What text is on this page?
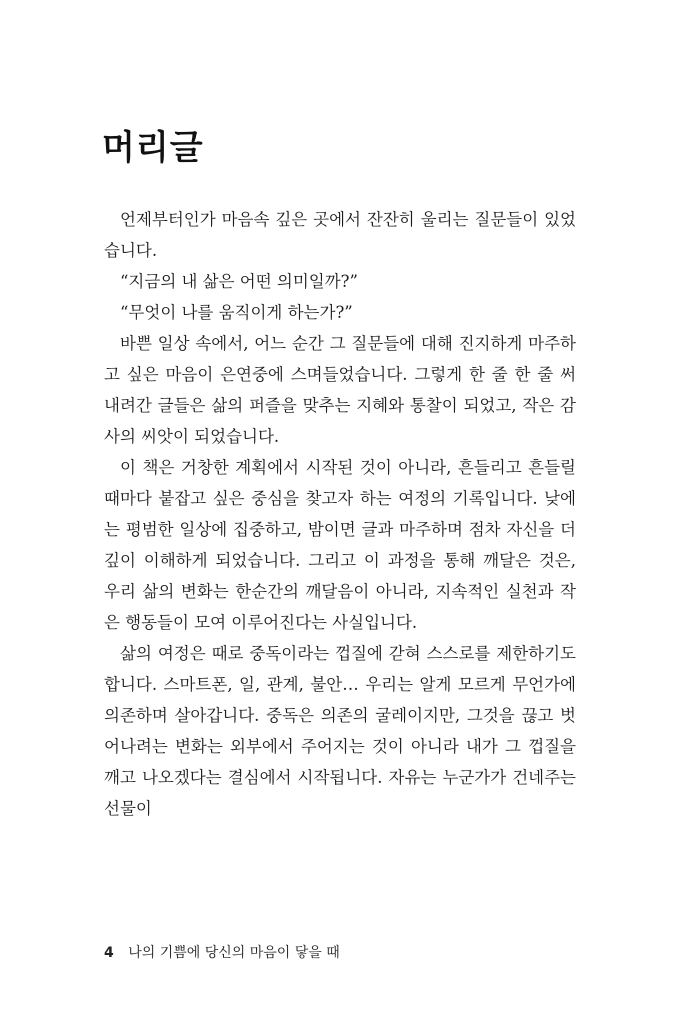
머리글

언제부터인가 마음속 깊은 곳에서 잔잔히 울리는 질문들이 있었습니다.

“지금의 내 삶은 어떤 의미일까?”

“무엇이 나를 움직이게 하는가?”

바쁜 일상 속에서, 어느 순간 그 질문들에 대해 진지하게 마주하고 싶은 마음이 은연중에 스며들었습니다. 그렇게 한 줄 한 줄 써 내려간 글들은 삶의 퍼즐을 맞추는 지혜와 통찰이 되었고, 작은 감사의 씨앗이 되었습니다.

이 책은 거창한 계획에서 시작된 것이 아니라, 흔들리고 흔들릴 때마다 붙잡고 싶은 중심을 찾고자 하는 여정의 기록입니다. 낮에는 평범한 일상에 집중하고, 밤이면 글과 마주하며 점차 자신을 더 깊이 이해하게 되었습니다. 그리고 이 과정을 통해 깨달은 것은, 우리 삶의 변화는 한순간의 깨달음이 아니라, 지속적인 실천과 작은 행동들이 모여 이루어진다는 사실입니다.

삶의 여정은 때로 중독이라는 껍질에 갇혀 스스로를 제한하기도 합니다. 스마트폰, 일, 관계, 불안… 우리는 알게 모르게 무언가에 의존하며 살아갑니다. 중독은 의존의 굴레이지만, 그것을 끊고 벗어나려는 변화는 외부에서 주어지는 것이 아니라 내가 그 껍질을 깨고 나오겠다는 결심에서 시작됩니다. 자유는 누군가가 건네주는 선물이

4 나의 기쁨에 당신의 마음이 닿을 때
